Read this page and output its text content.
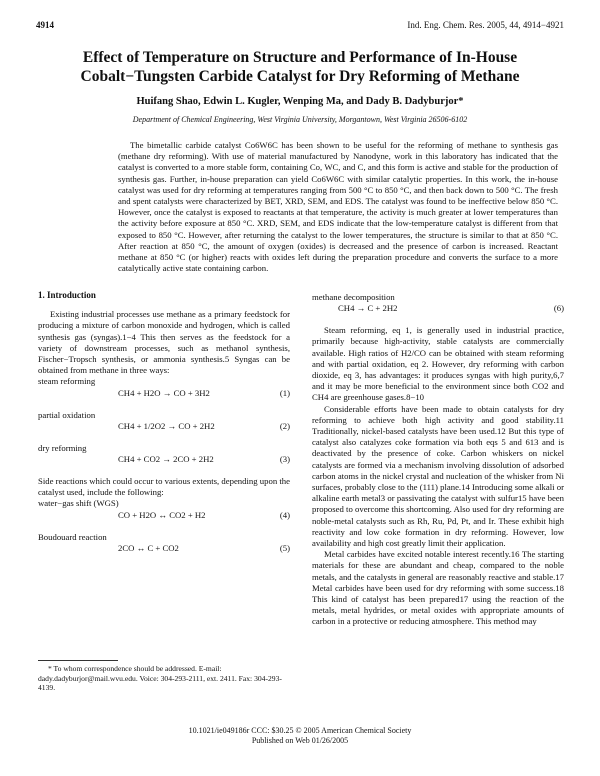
4914	Ind. Eng. Chem. Res. 2005, 44, 4914−4921
Effect of Temperature on Structure and Performance of In-House Cobalt−Tungsten Carbide Catalyst for Dry Reforming of Methane
Huifang Shao, Edwin L. Kugler, Wenping Ma, and Dady B. Dadyburjor*
Department of Chemical Engineering, West Virginia University, Morgantown, West Virginia 26506-6102

The bimetallic carbide catalyst Co6W6C has been shown to be useful for the reforming of methane to synthesis gas (methane dry reforming). With use of material manufactured by Nanodyne, work in this laboratory has indicated that the catalyst is converted to a more stable form, containing Co, WC, and C, and this form is active and stable for the production of synthesis gas. Further, in-house preparation can yield Co6W6C with similar catalytic properties. In this work, the in-house catalyst was used for dry reforming at temperatures ranging from 500 °C to 850 °C, and then back down to 500 °C. The fresh and spent catalysts were characterized by BET, XRD, SEM, and EDS. The catalyst was found to be ineffective below 850 °C. However, once the catalyst is exposed to reactants at that temperature, the activity is much greater at lower temperatures than the activity before exposure at 850 °C. XRD, SEM, and EDS indicate that the low-temperature catalyst is different from that exposed to 850 °C. However, after returning the catalyst to the lower temperatures, the structure is similar to that at 850 °C. After reaction at 850 °C, the amount of oxygen (oxides) is decreased and the presence of carbon is increased. Reactant methane at 850 °C (or higher) reacts with oxides left during the preparation procedure and converts the surface to a more catalytically active state containing carbon.

1. Introduction

Existing industrial processes use methane as a primary feedstock for producing a mixture of carbon monoxide and hydrogen, which is called synthesis gas (syngas).1−4 This then serves as the feedstock for a variety of downstream processes, such as methanol synthesis, Fischer−Tropsch synthesis, or ammonia synthesis.5 Syngas can be obtained from methane in three ways:

steam reforming

CH4 + H2O → CO + 3H2	(1)

partial oxidation

CH4 + 1/2O2 → CO + 2H2	(2)

dry reforming

CH4 + CO2 → 2CO + 2H2	(3)

Side reactions which could occur to various extents, depending upon the catalyst used, include the following:

water−gas shift (WGS)

CO + H2O ↔ CO2 + H2	(4)

Boudouard reaction

2CO ↔ C + CO2	(5)

* To whom correspondence should be addressed. E-mail: dady.dadyburjor@mail.wvu.edu. Voice: 304-293-2111, ext. 2411. Fax: 304-293-4139.

methane decomposition

CH4 → C + 2H2	(6)

Steam reforming, eq 1, is generally used in industrial practice, primarily because high-activity, stable catalysts are commercially available. High ratios of H2/CO can be obtained with steam reforming and with partial oxidation, eq 2. However, dry reforming with carbon dioxide, eq 3, has advantages: it produces syngas with high purity,6,7 and it may be more beneficial to the environment since both CO2 and CH4 are greenhouse gases.8−10

Considerable efforts have been made to obtain catalysts for dry reforming to achieve both high activity and good stability.11 Traditionally, nickel-based catalysts have been used.12 But this type of catalyst also catalyzes coke formation via both eqs 5 and 613 and is deactivated by the presence of coke. Carbon whiskers on nickel catalysts are formed via a mechanism involving dissolution of adsorbed carbon atoms in the nickel crystal and nucleation of the whisker from Ni surfaces, probably close to the (111) plane.14 Introducing some alkali or alkaline earth metal3 or passivating the catalyst with sulfur15 have been proposed to overcome this shortcoming. Also used for dry reforming are noble-metal catalysts such as Rh, Ru, Pd, Pt, and Ir. These exhibit high reactivity and low coke formation in dry reforming. However, low availability and high cost greatly limit their application.

Metal carbides have excited notable interest recently.16 The starting materials for these are abundant and cheap, compared to the noble metals, and the catalysts in general are reasonably reactive and stable.17 Metal carbides have been used for dry reforming with some success.18 This kind of catalyst has been prepared17 using the reaction of the metals, metal hydrides, or metal oxides with appropriate amounts of carbon in a protective or reducing atmosphere. This method may

10.1021/ie049186r CCC: $30.25 © 2005 American Chemical Society
Published on Web 01/26/2005
